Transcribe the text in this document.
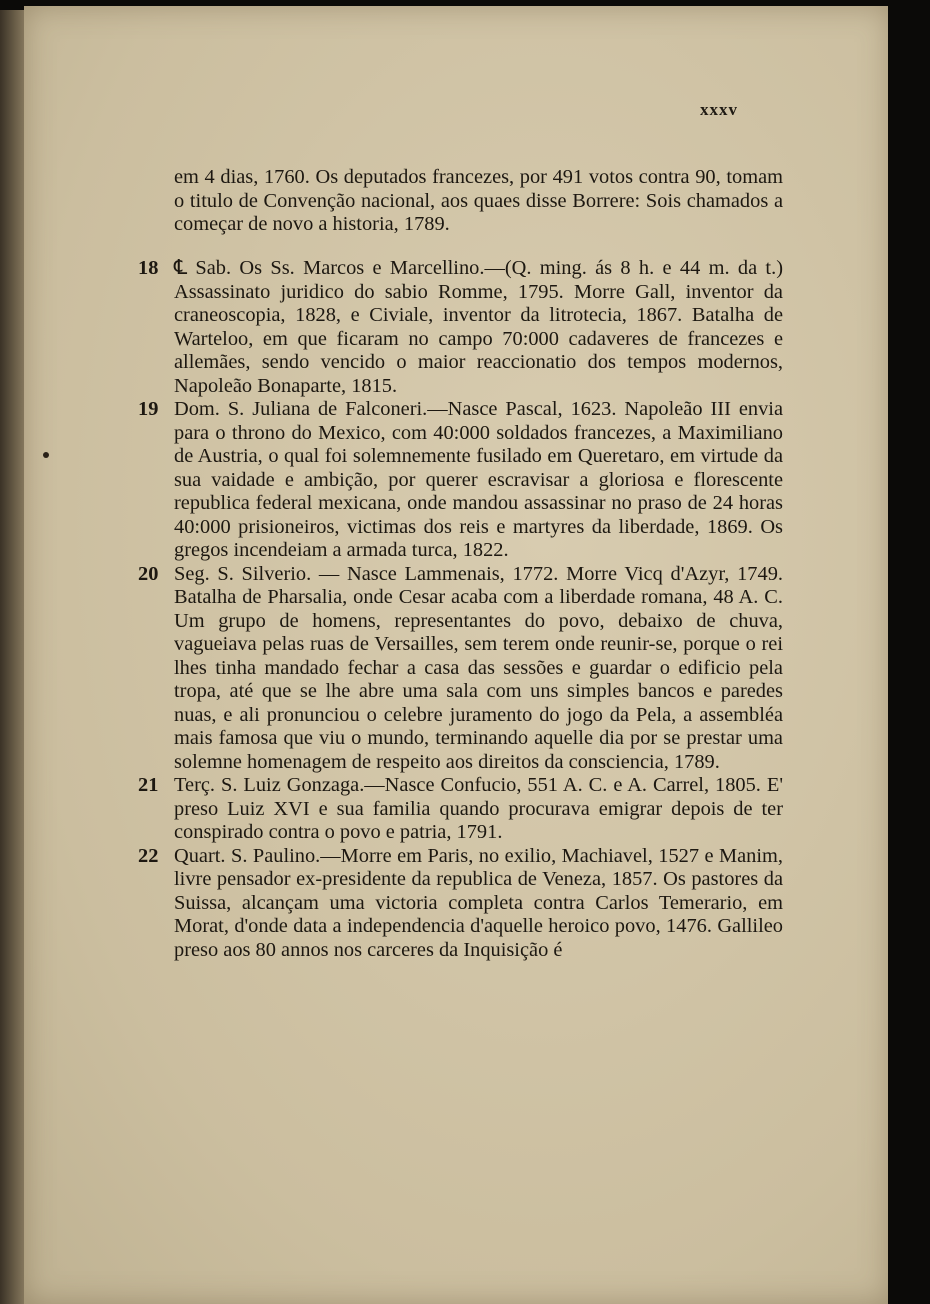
xxxv

em 4 dias, 1760. Os deputados francezes, por 491 votos contra 90, tomam o titulo de Convenção nacional, aos quaes disse Borrere: Sois chamados a começar de novo a historia, 1789.

18 ℄ Sab. Os Ss. Marcos e Marcellino.—(Q. ming. ás 8 h. e 44 m. da t.) Assassinato juridico do sabio Romme, 1795. Morre Gall, inventor da craneoscopia, 1828, e Civiale, inventor da litrotecia, 1867. Batalha de Warteloo, em que ficaram no campo 70:000 cadaveres de francezes e allemães, sendo vencido o maior reaccionatio dos tempos modernos, Napoleão Bonaparte, 1815.

19 Dom. S. Juliana de Falconeri.—Nasce Pascal, 1623. Napoleão III envia para o throno do Mexico, com 40:000 soldados francezes, a Maximiliano de Austria, o qual foi solemnemente fusilado em Queretaro, em virtude da sua vaidade e ambição, por querer escravisar a gloriosa e florescente republica federal mexicana, onde mandou assassinar no praso de 24 horas 40:000 prisioneiros, victimas dos reis e martyres da liberdade, 1869. Os gregos incendeiam a armada turca, 1822.

20 Seg. S. Silverio. — Nasce Lammenais, 1772. Morre Vicq d'Azyr, 1749. Batalha de Pharsalia, onde Cesar acaba com a liberdade romana, 48 A. C. Um grupo de homens, representantes do povo, debaixo de chuva, vagueiava pelas ruas de Versailles, sem terem onde reunir-se, porque o rei lhes tinha mandado fechar a casa das sessões e guardar o edificio pela tropa, até que se lhe abre uma sala com uns simples bancos e paredes nuas, e ali pronunciou o celebre juramento do jogo da Pela, a assembléa mais famosa que viu o mundo, terminando aquelle dia por se prestar uma solemne homenagem de respeito aos direitos da consciencia, 1789.

21 Terç. S. Luiz Gonzaga.—Nasce Confucio, 551 A. C. e A. Carrel, 1805. E' preso Luiz XVI e sua familia quando procurava emigrar depois de ter conspirado contra o povo e patria, 1791.

22 Quart. S. Paulino.—Morre em Paris, no exilio, Machiavel, 1527 e Manim, livre pensador ex-presidente da republica de Veneza, 1857. Os pastores da Suissa, alcançam uma victoria completa contra Carlos Temerario, em Morat, d'onde data a independencia d'aquelle heroico povo, 1476. Gallileo preso aos 80 annos nos carceres da Inquisição é
